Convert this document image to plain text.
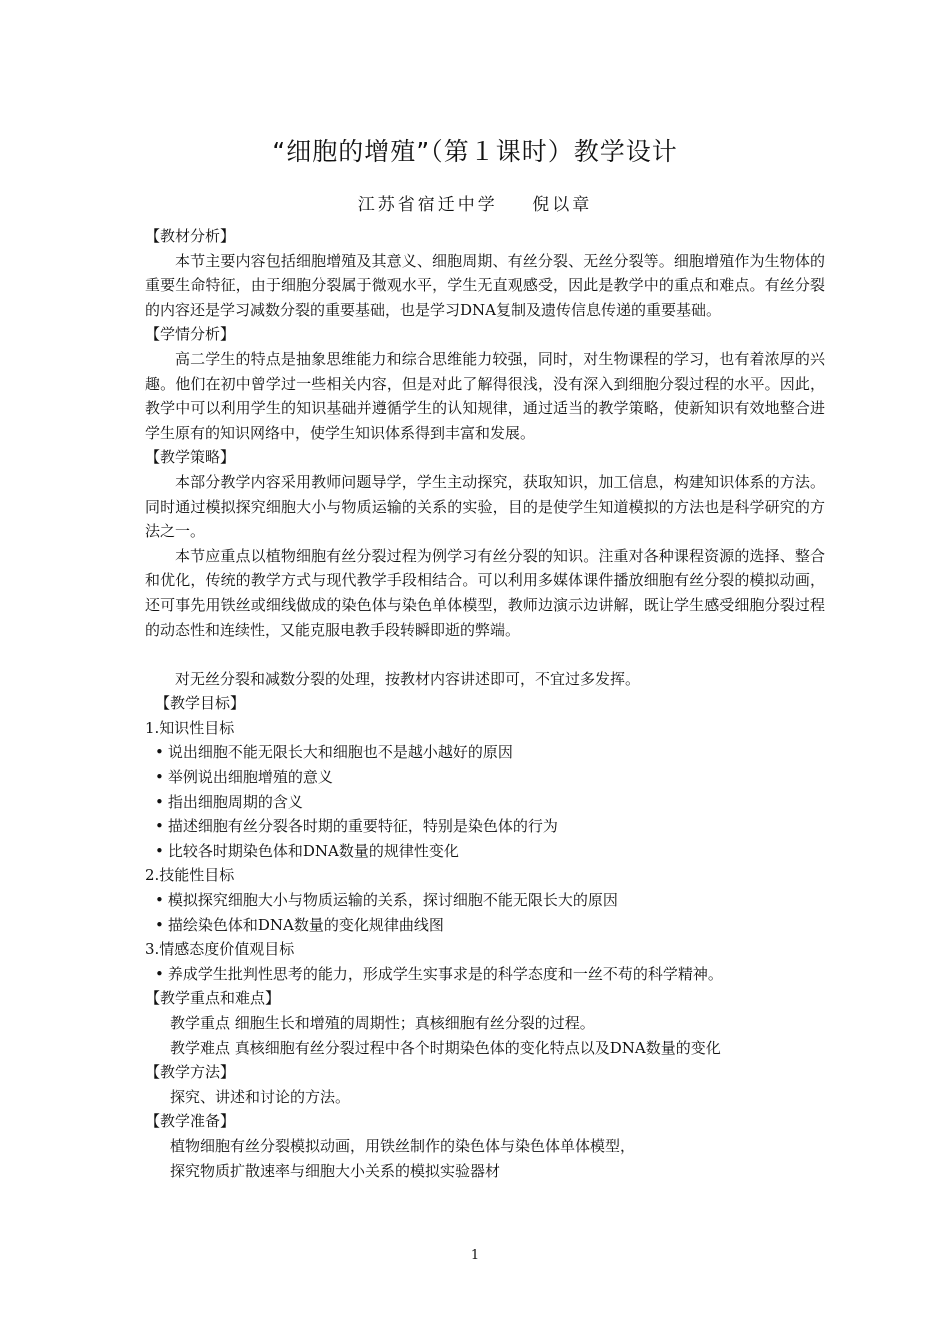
“细胞的增殖”（第１课时）教学设计
江苏省宿迁中学 倪以章
【教材分析】
本节主要内容包括细胞增殖及其意义、细胞周期、有丝分裂、无丝分裂等。细胞增殖作为生物体的重要生命特征，由于细胞分裂属于微观水平，学生无直观感受，因此是教学中的重点和难点。有丝分裂的内容还是学习减数分裂的重要基础，也是学习DNA复制及遗传信息传递的重要基础。
【学情分析】
高二学生的特点是抽象思维能力和综合思维能力较强，同时，对生物课程的学习，也有着浓厚的兴趣。他们在初中曾学过一些相关内容，但是对此了解得很浅，没有深入到细胞分裂过程的水平。因此，教学中可以利用学生的知识基础并遵循学生的认知规律，通过适当的教学策略，使新知识有效地整合进学生原有的知识网络中，使学生知识体系得到丰富和发展。
【教学策略】
本部分教学内容采用教师问题导学，学生主动探究，获取知识，加工信息，构建知识体系的方法。同时通过模拟探究细胞大小与物质运输的关系的实验，目的是使学生知道模拟的方法也是科学研究的方法之一。
本节应重点以植物细胞有丝分裂过程为例学习有丝分裂的知识。注重对各种课程资源的选择、整合和优化，传统的教学方式与现代教学手段相结合。可以利用多媒体课件播放细胞有丝分裂的模拟动画，还可事先用铁丝或细线做成的染色体与染色单体模型，教师边演示边讲解，既让学生感受细胞分裂过程的动态性和连续性，又能克服电教手段转瞬即逝的弊端。
对无丝分裂和减数分裂的处理，按教材内容讲述即可，不宜过多发挥。
【教学目标】
1.知识性目标
• 说出细胞不能无限长大和细胞也不是越小越好的原因
• 举例说出细胞增殖的意义
• 指出细胞周期的含义
• 描述细胞有丝分裂各时期的重要特征，特别是染色体的行为
• 比较各时期染色体和DNA数量的规律性变化
2.技能性目标
• 模拟探究细胞大小与物质运输的关系，探讨细胞不能无限长大的原因
• 描绘染色体和DNA数量的变化规律曲线图
3.情感态度价值观目标
• 养成学生批判性思考的能力，形成学生实事求是的科学态度和一丝不苟的科学精神。
【教学重点和难点】
教学重点 细胞生长和增殖的周期性；真核细胞有丝分裂的过程。
教学难点 真核细胞有丝分裂过程中各个时期染色体的变化特点以及DNA数量的变化
【教学方法】
探究、讲述和讨论的方法。
【教学准备】
植物细胞有丝分裂模拟动画，用铁丝制作的染色体与染色体单体模型，
探究物质扩散速率与细胞大小关系的模拟实验器材
1
